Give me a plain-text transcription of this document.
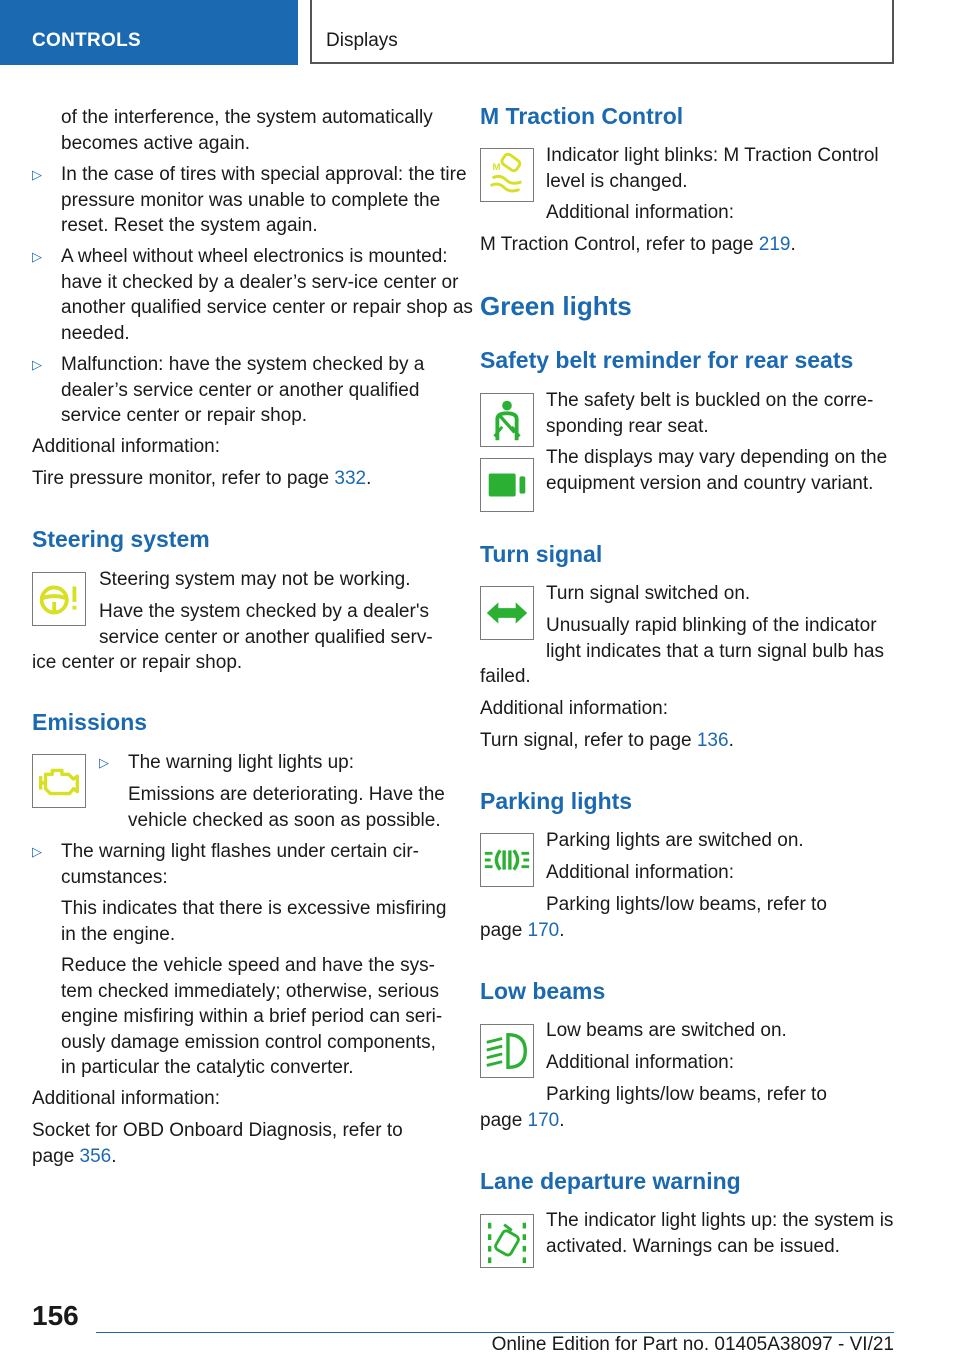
CONTROLS	Displays

of the interference, the system automatically becomes active again.

▷ In the case of tires with special approval: the tire pressure monitor was unable to complete the reset. Reset the system again.
▷ A wheel without wheel electronics is mounted: have it checked by a dealer’s serv-ice center or another qualified service center or repair shop as needed.
▷ Malfunction: have the system checked by a dealer’s service center or another qualified service center or repair shop.

Additional information:

Tire pressure monitor, refer to page 332.

Steering system

Steering system may not be working.

Have the system checked by a dealer's service center or another qualified serv-

ice center or repair shop.

Emissions
▷ The warning light lights up:

Emissions are deteriorating. Have the vehicle checked as soon as possible.

▷ The warning light flashes under certain cir-cumstances:

This indicates that there is excessive misfiring in the engine.

Reduce the vehicle speed and have the sys-tem checked immediately; otherwise, serious engine misfiring within a brief period can seri-ously damage emission control components, in particular the catalytic converter.

Additional information:

Socket for OBD Onboard Diagnosis, refer to page 356.

M Traction Control
M

Indicator light blinks: M Traction Control level is changed.

Additional information:

M Traction Control, refer to page 219.

Green lights
Safety belt reminder for rear seats

The safety belt is buckled on the corre-sponding rear seat.

The displays may vary depending on the equipment version and country variant.

Turn signal

Turn signal switched on.

Unusually rapid blinking of the indicator light indicates that a turn signal bulb has

failed.

Additional information:

Turn signal, refer to page 136.

Parking lights

Parking lights are switched on.

Additional information:

Parking lights/low beams, refer to

page 170.

Low beams

Low beams are switched on.

Additional information:

Parking lights/low beams, refer to

page 170.

Lane departure warning

The indicator light lights up: the system is activated. Warnings can be issued.

156
Online Edition for Part no. 01405A38097 - VI/21
